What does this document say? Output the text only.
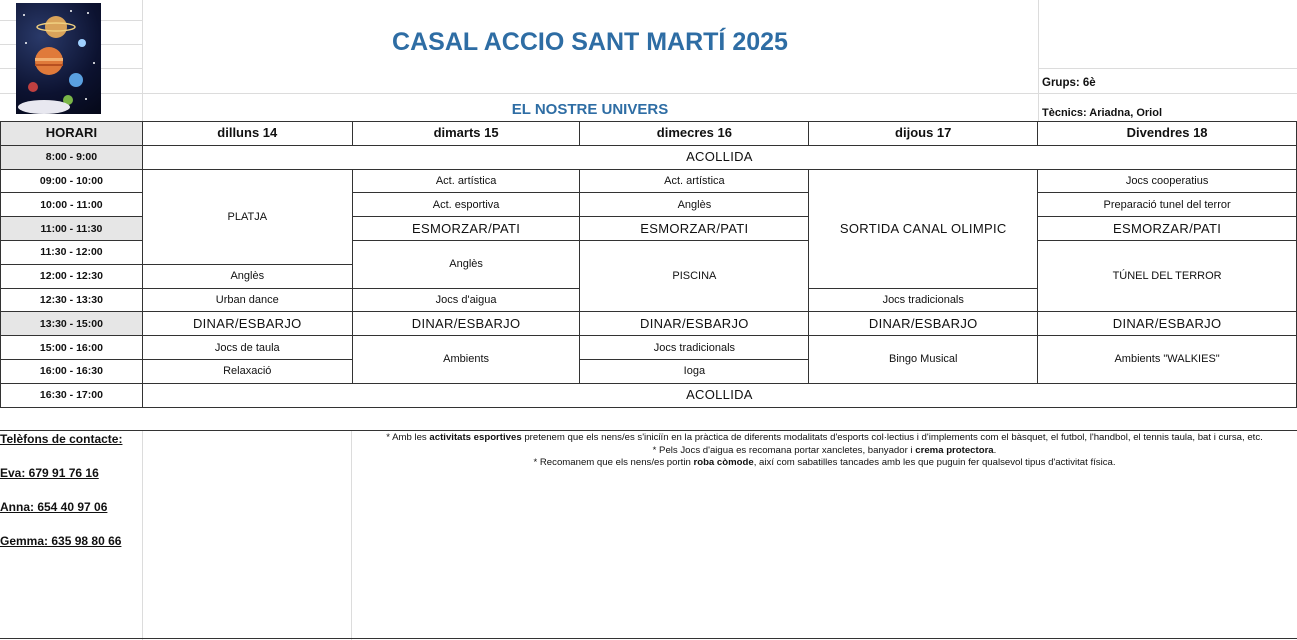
CASAL ACCIO SANT MARTÍ 2025
EL NOSTRE UNIVERS
Grups: 6è
Tècnics: Ariadna, Oriol
HORARI	dilluns 14	dimarts 15	dimecres 16	dijous 17	Divendres 18
8:00 - 9:00	ACOLLIDA				
09:00 - 10:00	PLATJA	Act. artística	Act. artística	SORTIDA CANAL OLIMPIC	Jocs cooperatius
10:00 - 11:00		Act. esportiva	Anglès		Preparació tunel del terror
11:00 - 11:30		ESMORZAR/PATI	ESMORZAR/PATI		ESMORZAR/PATI
11:30 - 12:00		Anglès	PISCINA		TÚNEL DEL TERROR
12:00 - 12:30	Anglès				
12:30 - 13:30	Urban dance	Jocs d'aigua		Jocs tradicionals	
13:30 - 15:00	DINAR/ESBARJO	DINAR/ESBARJO	DINAR/ESBARJO	DINAR/ESBARJO	DINAR/ESBARJO
15:00 - 16:00	Jocs de taula	Ambients	Jocs tradicionals	Bingo Musical	Ambients "WALKIES"
16:00 - 16:30	Relaxació		Ioga		
16:30 - 17:00	ACOLLIDA				
Telèfons de contacte:
Eva: 679 91 76 16
Anna: 654 40 97 06
Gemma: 635 98 80 66
* Amb les activitats esportives pretenem que els nens/es s'iniciïn en la pràctica de diferents modalitats d'esports col·lectius i d'implements com el bàsquet, el futbol, l'handbol, el tennis taula, bat i cursa, etc.
* Pels Jocs d'aigua es recomana portar xancletes, banyador i crema protectora.
* Recomanem que els nens/es portin roba còmode, així com sabatilles tancades amb les que puguin fer qualsevol tipus d'activitat física.
